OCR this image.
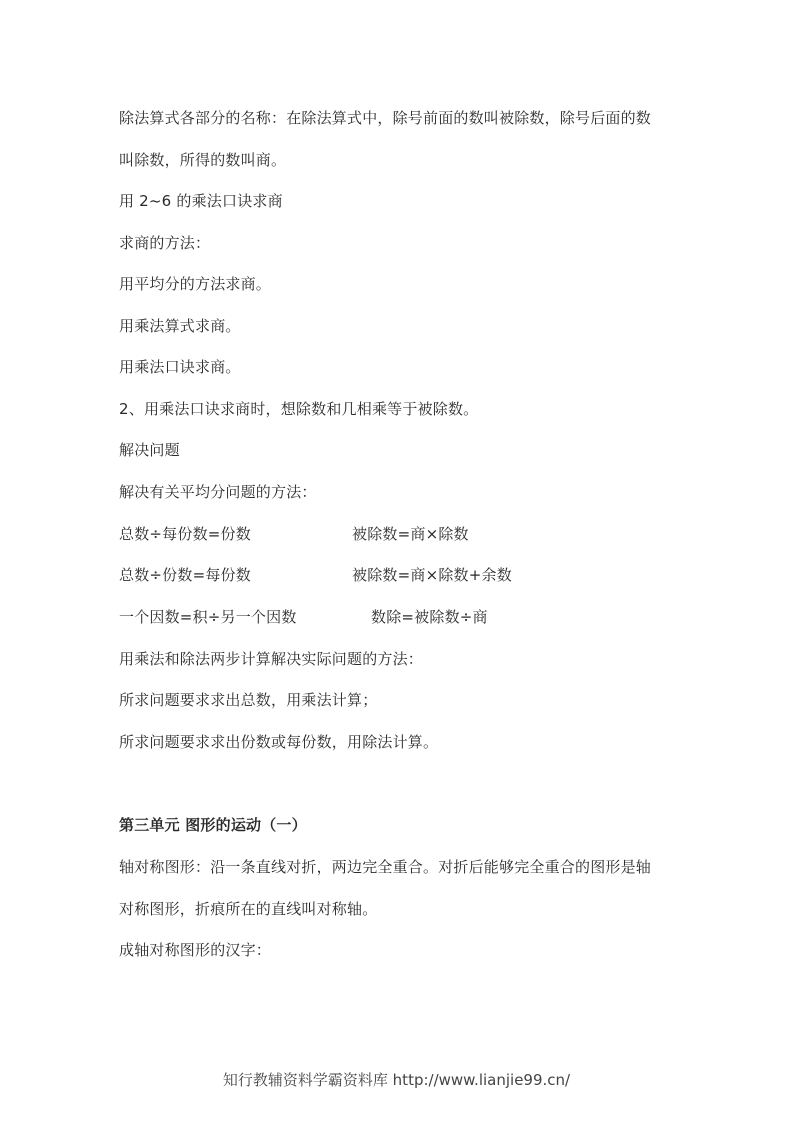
除法算式各部分的名称：在除法算式中，除号前面的数叫被除数，除号后面的数
叫除数，所得的数叫商。
用 2~6 的乘法口诀求商
求商的方法：
用平均分的方法求商。
用乘法算式求商。
用乘法口诀求商。
2、用乘法口诀求商时，想除数和几相乘等于被除数。
解决问题
解决有关平均分问题的方法：
总数÷每份数=份数	被除数=商×除数
总数÷份数=每份数	被除数=商×除数+余数
一个因数=积÷另一个因数	数除=被除数÷商
用乘法和除法两步计算解决实际问题的方法：
所求问题要求求出总数，用乘法计算；
所求问题要求求出份数或每份数，用除法计算。
第三单元 图形的运动（一）
轴对称图形：沿一条直线对折，两边完全重合。对折后能够完全重合的图形是轴
对称图形，折痕所在的直线叫对称轴。
成轴对称图形的汉字：
知行教辅资料学霸资料库 http://www.lianjie99.cn/
